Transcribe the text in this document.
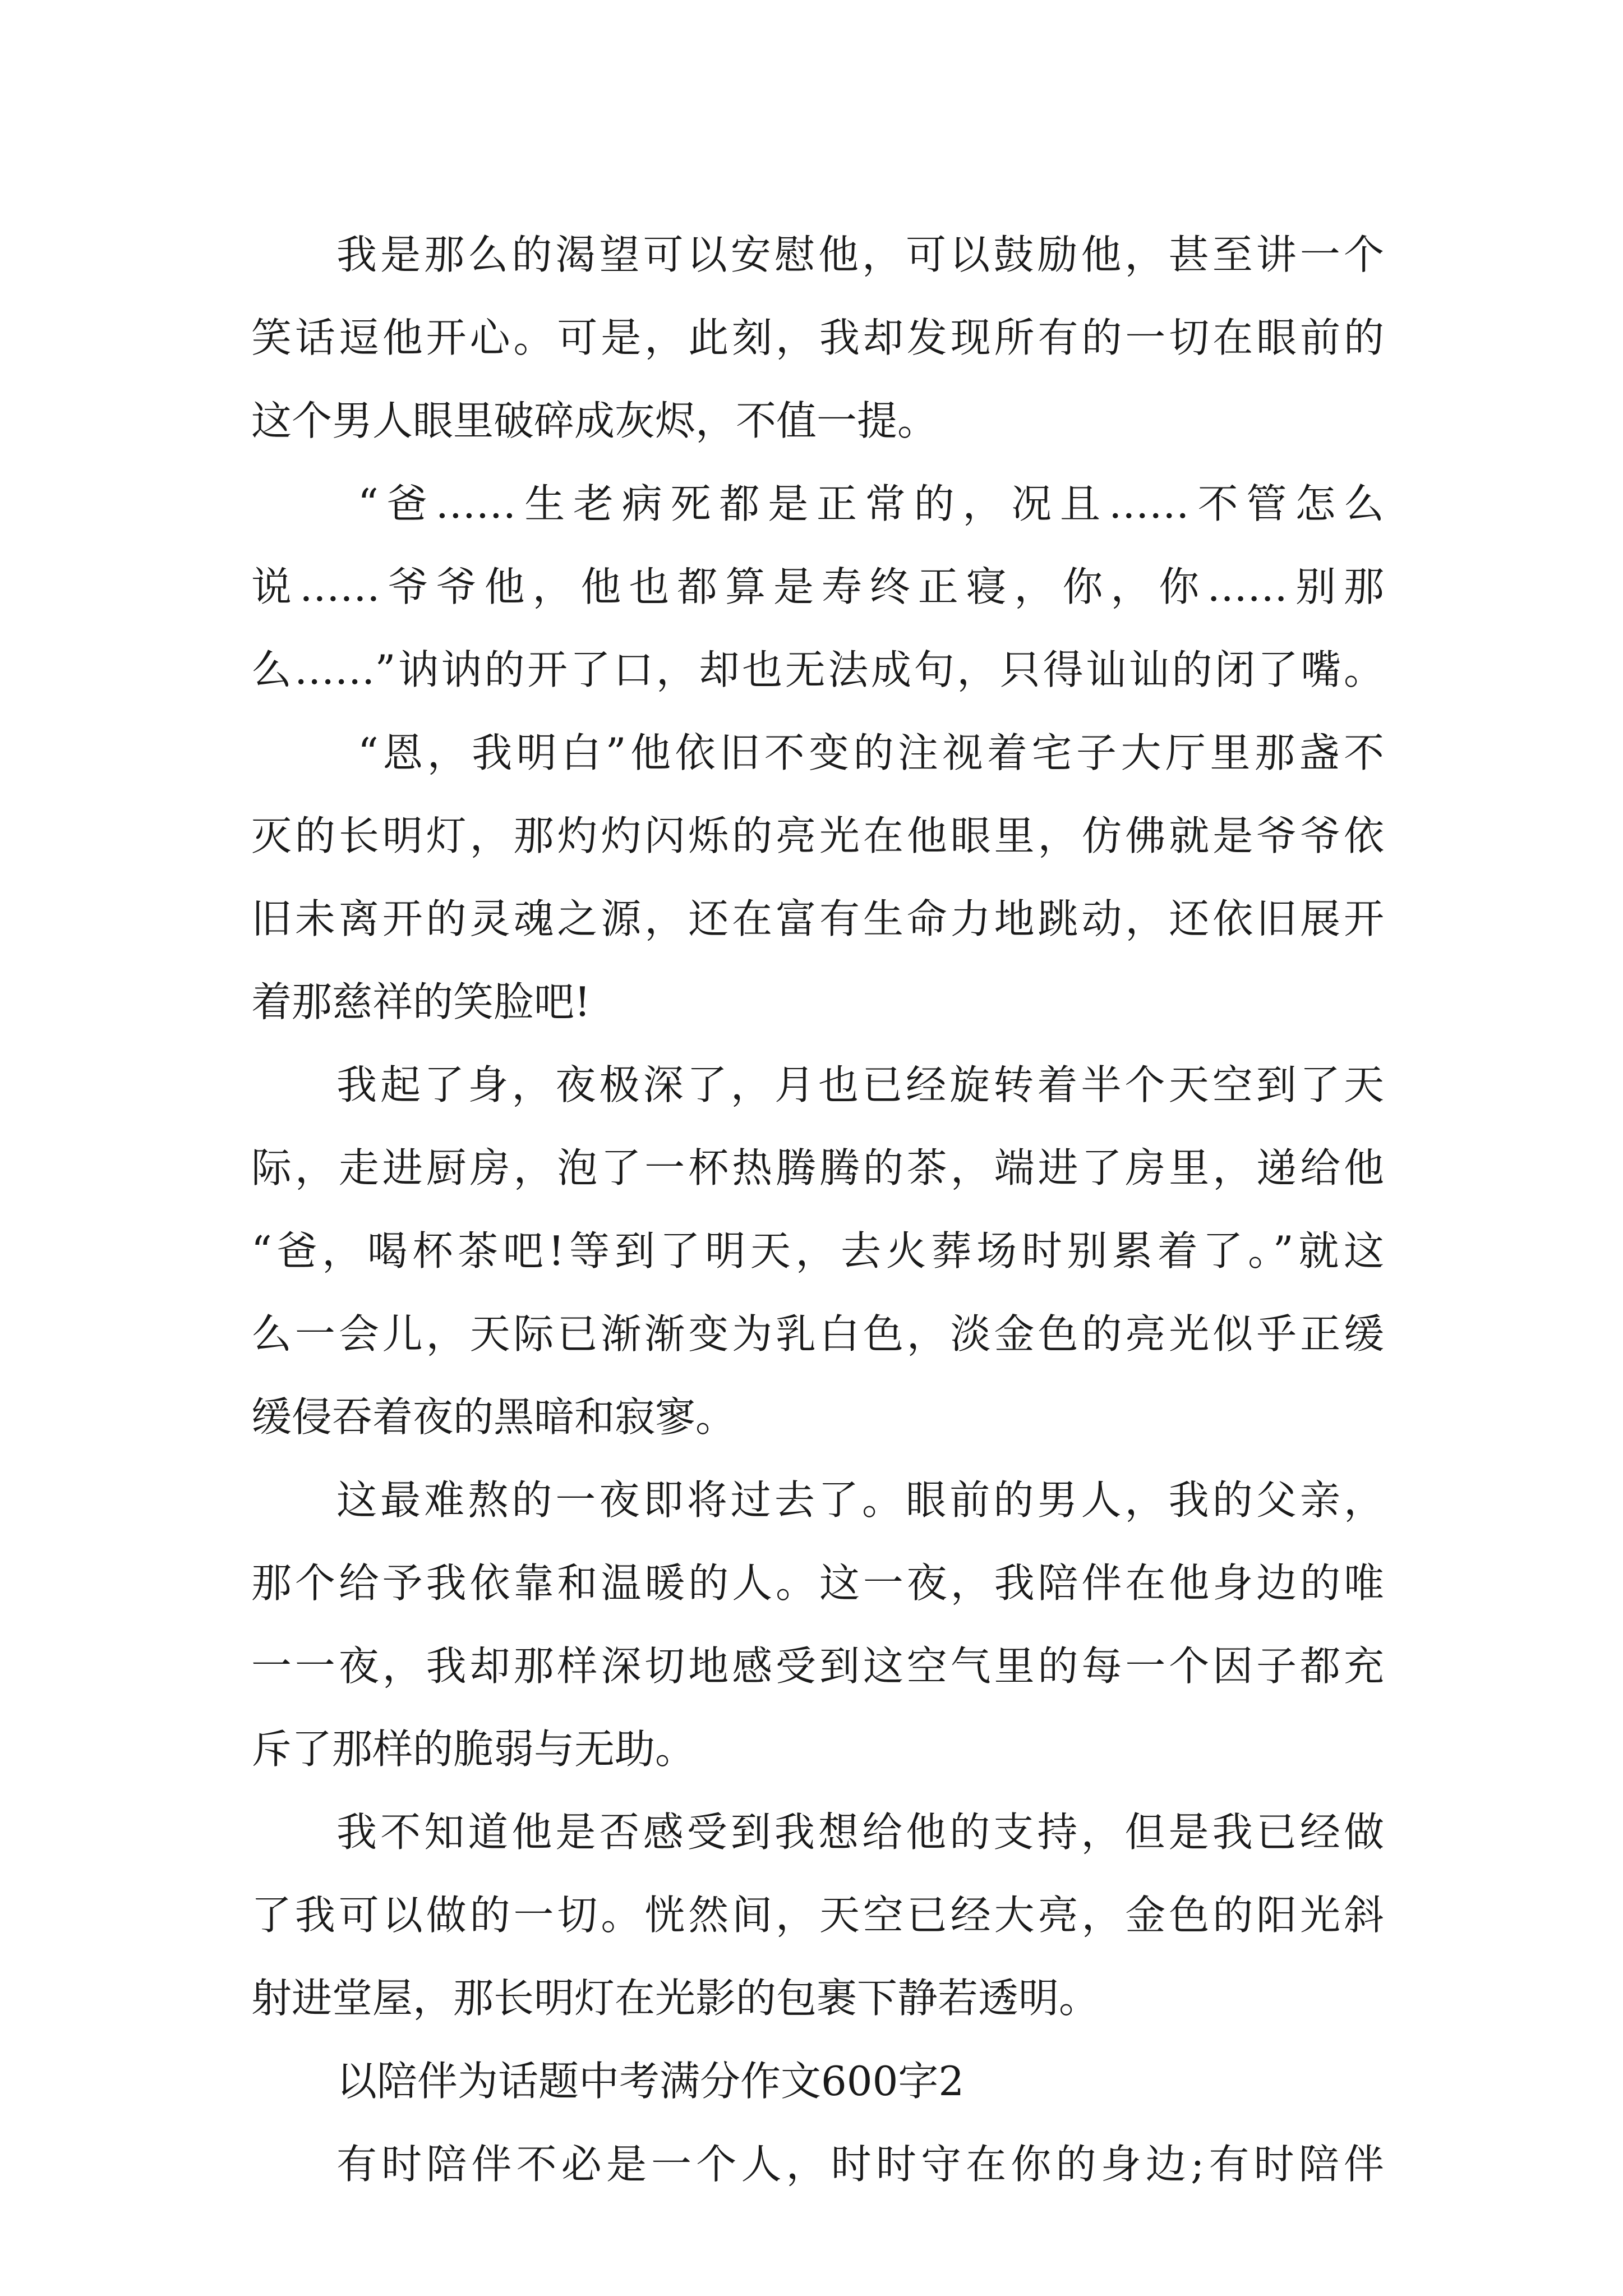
我是那么的渴望可以安慰他，可以鼓励他，甚至讲一个
笑话逗他开心。可是，此刻，我却发现所有的一切在眼前的
这个男人眼里破碎成灰烬，不值一提。
“爸……生老病死都是正常的，况且……不管怎么
说……爷爷他，他也都算是寿终正寝，你，你……别那
么……”讷讷的开了口，却也无法成句，只得讪讪的闭了嘴。
“恩，我明白”他依旧不变的注视着宅子大厅里那盏不
灭的长明灯，那灼灼闪烁的亮光在他眼里，仿佛就是爷爷依
旧未离开的灵魂之源，还在富有生命力地跳动，还依旧展开
着那慈祥的笑脸吧!
我起了身，夜极深了，月也已经旋转着半个天空到了天
际，走进厨房，泡了一杯热腾腾的茶，端进了房里，递给他
“爸，喝杯茶吧!等到了明天，去火葬场时别累着了。”就这
么一会儿，天际已渐渐变为乳白色，淡金色的亮光似乎正缓
缓侵吞着夜的黑暗和寂寥。
这最难熬的一夜即将过去了。眼前的男人，我的父亲，
那个给予我依靠和温暖的人。这一夜，我陪伴在他身边的唯
一一夜，我却那样深切地感受到这空气里的每一个因子都充
斥了那样的脆弱与无助。
我不知道他是否感受到我想给他的支持，但是我已经做
了我可以做的一切。恍然间，天空已经大亮，金色的阳光斜
射进堂屋，那长明灯在光影的包裹下静若透明。
以陪伴为话题中考满分作文600字2
有时陪伴不必是一个人，时时守在你的身边;有时陪伴
